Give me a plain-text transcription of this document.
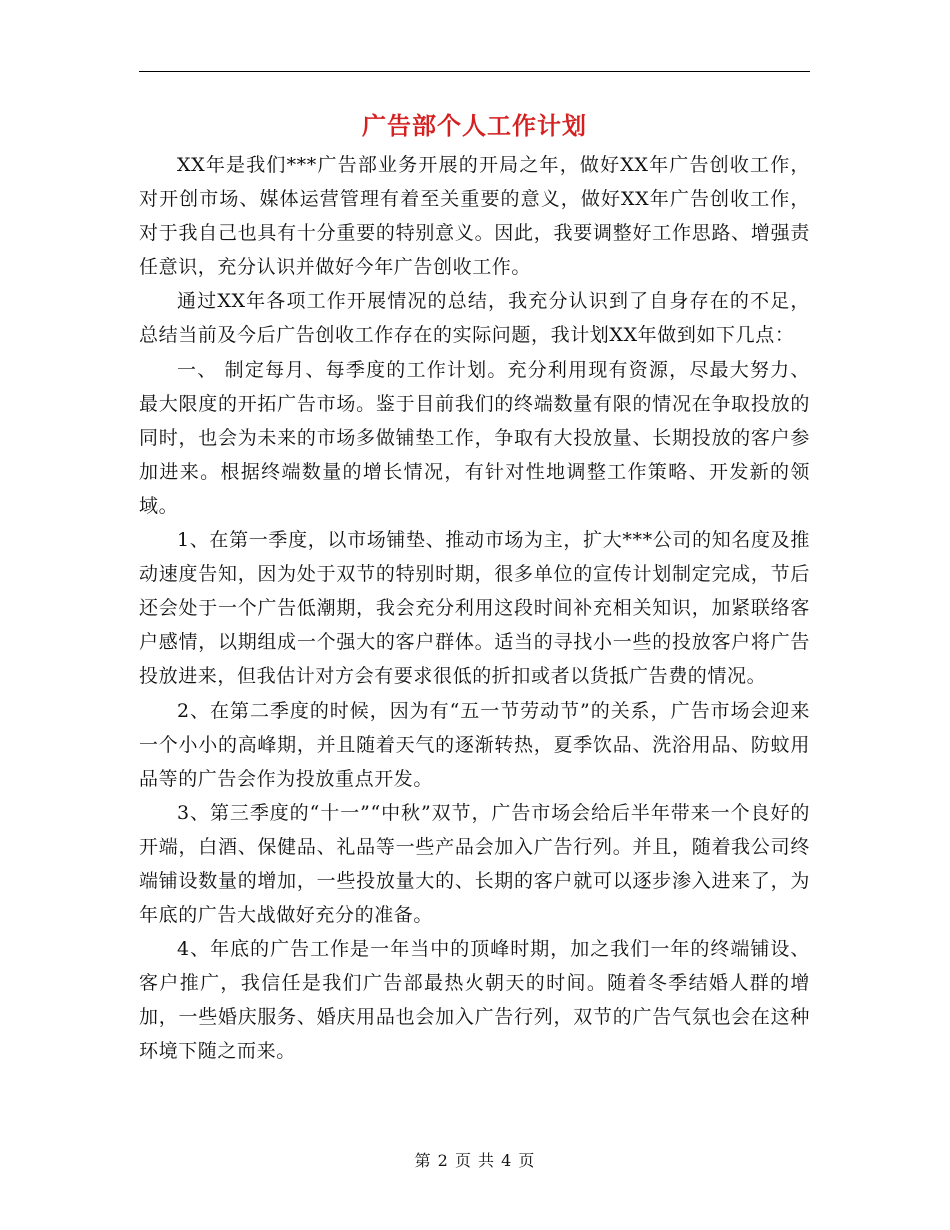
广告部个人工作计划

XX年是我们***广告部业务开展的开局之年，做好XX年广告创收工作，对开创市场、媒体运营管理有着至关重要的意义，做好XX年广告创收工作，对于我自己也具有十分重要的特别意义。因此，我要调整好工作思路、增强责任意识，充分认识并做好今年广告创收工作。

通过XX年各项工作开展情况的总结，我充分认识到了自身存在的不足，总结当前及今后广告创收工作存在的实际问题，我计划XX年做到如下几点：

一、 制定每月、每季度的工作计划。充分利用现有资源，尽最大努力、最大限度的开拓广告市场。鉴于目前我们的终端数量有限的情况在争取投放的同时，也会为未来的市场多做铺垫工作，争取有大投放量、长期投放的客户参加进来。根据终端数量的增长情况，有针对性地调整工作策略、开发新的领域。

1、在第一季度，以市场铺垫、推动市场为主，扩大***公司的知名度及推动速度告知，因为处于双节的特别时期，很多单位的宣传计划制定完成，节后还会处于一个广告低潮期，我会充分利用这段时间补充相关知识，加紧联络客户感情，以期组成一个强大的客户群体。适当的寻找小一些的投放客户将广告投放进来，但我估计对方会有要求很低的折扣或者以货抵广告费的情况。

2、在第二季度的时候，因为有“五一节劳动节”的关系，广告市场会迎来一个小小的高峰期，并且随着天气的逐渐转热，夏季饮品、洗浴用品、防蚊用品等的广告会作为投放重点开发。

3、第三季度的“十一”“中秋”双节，广告市场会给后半年带来一个良好的开端，白酒、保健品、礼品等一些产品会加入广告行列。并且，随着我公司终端铺设数量的增加，一些投放量大的、长期的客户就可以逐步渗入进来了，为年底的广告大战做好充分的准备。

4、年底的广告工作是一年当中的顶峰时期，加之我们一年的终端铺设、客户推广，我信任是我们广告部最热火朝天的时间。随着冬季结婚人群的增加，一些婚庆服务、婚庆用品也会加入广告行列，双节的广告气氛也会在这种环境下随之而来。

第 2 页 共 4 页
